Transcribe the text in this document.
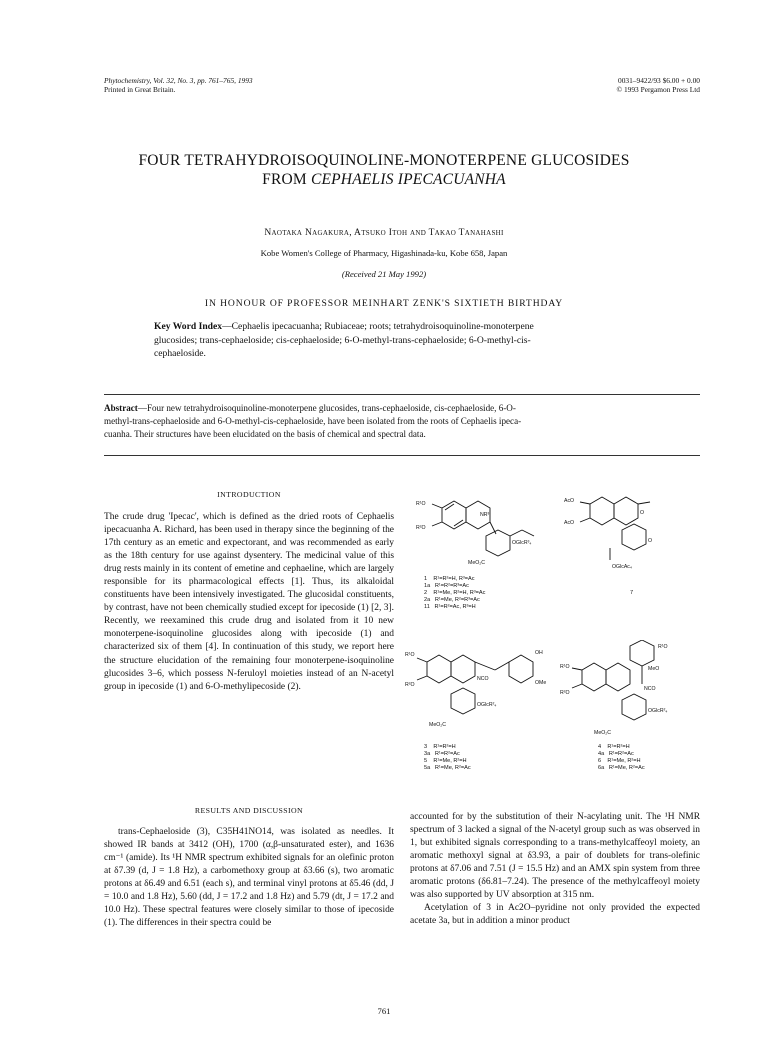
Phytochemistry, Vol. 32, No. 3, pp. 761–765, 1993
Printed in Great Britain.
0031–9422/93 $6.00 + 0.00
© 1993 Pergamon Press Ltd
FOUR TETRAHYDROISOQUINOLINE-MONOTERPENE GLUCOSIDES
FROM CEPHAELIS IPECACUANHA
Naotaka Nagakura, Atsuko Itoh and Takao Tanahashi
Kobe Women's College of Pharmacy, Higashinada-ku, Kobe 658, Japan
(Received 21 May 1992)
IN HONOUR OF PROFESSOR MEINHART ZENK'S SIXTIETH BIRTHDAY
Key Word Index—Cephaelis ipecacuanha; Rubiaceae; roots; tetrahydroisoquinoline-monoterpene
glucosides; trans-cephaeloside; cis-cephaeloside; 6-O-methyl-trans-cephaeloside; 6-O-methyl-cis-
cephaeloside.
Abstract—Four new tetrahydroisoquinoline-monoterpene glucosides, trans-cephaeloside, cis-cephaeloside, 6-O-
methyl-trans-cephaeloside and 6-O-methyl-cis-cephaeloside, have been isolated from the roots of Cephaelis ipeca-
cuanha. Their structures have been elucidated on the basis of chemical and spectral data.
INTRODUCTION

The crude drug 'Ipecac', which is defined as the dried roots of Cephaelis ipecacuanha A. Richard, has been used in therapy since the beginning of the 17th century as an emetic and expectorant, and was recommended as early as the 18th century for use against dysentery. The medicinal value of this drug rests mainly in its content of emetine and cephaeline, which are largely responsible for its pharmacological effects [1]. Thus, its alkaloidal constituents have been intensively investigated. The glucosidal constituents, by contrast, have not been chemically studied except for ipecoside (1) [2, 3]. Recently, we reexamined this crude drug and isolated from it 10 new monoterpene-isoquinoline glucosides along with ipecoside (1) and characterized six of them [4]. In continuation of this study, we report here the structure elucidation of the remaining four monoterpene-isoquinoline glucosides 3–6, which possess N-feruloyl moieties instead of an N-acetyl group in ipecoside (1) and 6-O-methylipecoside (2).

RESULTS AND DISCUSSION

trans-Cephaeloside (3), C35H41NO14, was isolated as needles. It showed IR bands at 3412 (OH), 1700 (α,β-unsaturated ester), and 1636 cm⁻¹ (amide). Its ¹H NMR spectrum exhibited signals for an olefinic proton at δ7.39 (d, J = 1.8 Hz), a carbomethoxy group at δ3.66 (s), two aromatic protons at δ6.49 and 6.51 (each s), and terminal vinyl protons at δ5.46 (dd, J = 10.0 and 1.8 Hz), 5.60 (dd, J = 17.2 and 1.8 Hz) and 5.79 (dt, J = 17.2 and 10.0 Hz). These spectral features were closely similar to those of ipecoside (1). The differences in their spectra could be

accounted for by the substitution of their N-acylating unit. The ¹H NMR spectrum of 3 lacked a signal of the N-acetyl group such as was observed in 1, but exhibited signals corresponding to a trans-methylcaffeoyl moiety, an aromatic methoxyl signal at δ3.93, a pair of doublets for trans-olefinic protons at δ7.06 and 7.51 (J = 15.5 Hz) and an AMX spin system from three aromatic protons (δ6.81–7.24). The presence of the methylcaffeoyl moiety was also supported by UV absorption at 315 nm.

Acetylation of 3 in Ac2O–pyridine not only provided the expected acetate 3a, but in addition a minor product

R¹O
R²O
NR³
OGlcR³₄
MeO₂C
1    R¹=R²=H, R³=Ac
1a   R¹=R²=R³=Ac
2    R¹=Me, R²=H, R³=Ac
2a   R¹=Me, R²=R³=Ac
11   R¹=R²=Ac, R³=H
AcO
AcO
O
O
OGlcAc₄
7
R¹O
R²O
NCO
OH
OMe
OGlcR²₄
MeO₂C
3    R¹=R²=H
3a   R¹=R²=Ac
5    R¹=Me, R²=H
5a   R¹=Me, R²=Ac
R¹O
MeO
R¹O
R²O
NCO
OGlcR²₄
MeO₂C
4    R¹=R²=H
4a   R¹=R²=Ac
6    R¹=Me, R²=H
6a   R¹=Me, R²=Ac
761
